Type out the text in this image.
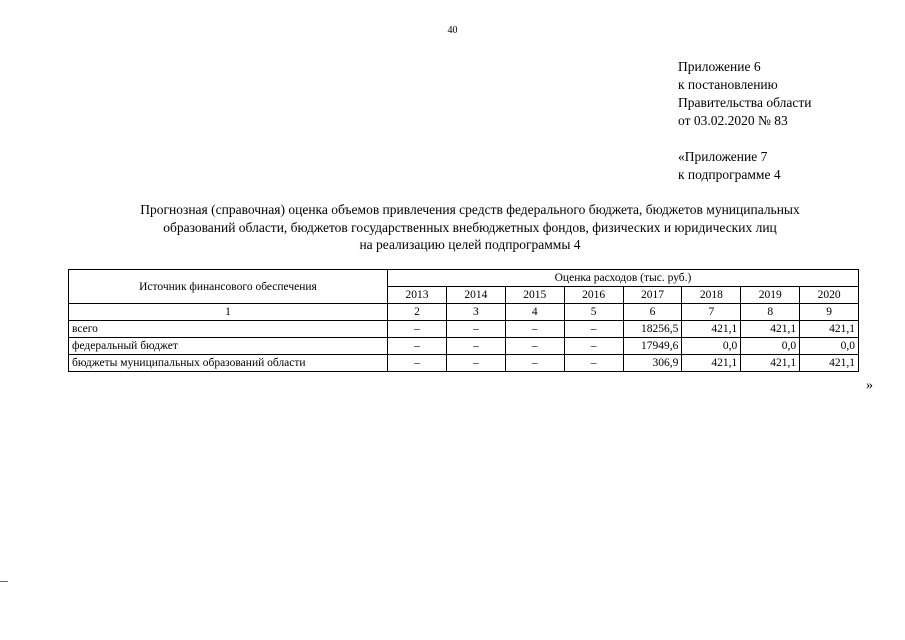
40
Приложение 6
к постановлению
Правительства области
от 03.02.2020 № 83
«Приложение 7
к подпрограмме 4
Прогнозная (справочная) оценка объемов привлечения средств федерального бюджета, бюджетов муниципальных
образований области, бюджетов государственных внебюджетных фондов, физических и юридических лиц
на реализацию целей подпрограммы 4
Источник финансового обеспечения	Оценка расходов (тыс. руб.)							
	2013	2014	2015	2016	2017	2018	2019	2020
1	2	3	4	5	6	7	8	9
всего	–	–	–	–	18256,5	421,1	421,1	421,1
федеральный бюджет	–	–	–	–	17949,6	0,0	0,0	0,0
бюджеты муниципальных образований области	–	–	–	–	306,9	421,1	421,1	421,1
»
